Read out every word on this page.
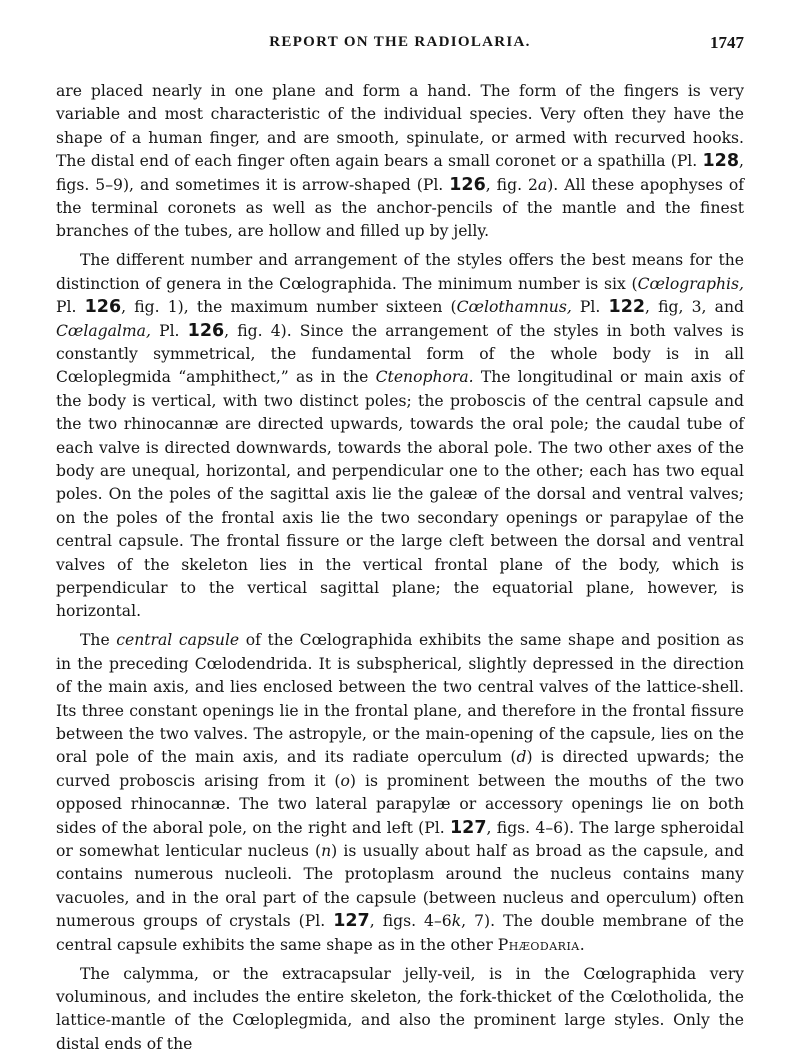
REPORT ON THE RADIOLARIA.	1747

are placed nearly in one plane and form a hand. The form of the fingers is very variable and most characteristic of the individual species. Very often they have the shape of a human finger, and are smooth, spinulate, or armed with recurved hooks. The distal end of each finger often again bears a small coronet or a spathilla (Pl. 128, figs. 5–9), and sometimes it is arrow-shaped (Pl. 126, fig. 2a). All these apophyses of the terminal coronets as well as the anchor-pencils of the mantle and the finest branches of the tubes, are hollow and filled up by jelly.

The different number and arrangement of the styles offers the best means for the distinction of genera in the Cœlographida. The minimum number is six (Cœlographis, Pl. 126, fig. 1), the maximum number sixteen (Cœlothamnus, Pl. 122, fig, 3, and Cœlagalma, Pl. 126, fig. 4). Since the arrangement of the styles in both valves is constantly symmetrical, the fundamental form of the whole body is in all Cœloplegmida “amphithect,” as in the Ctenophora. The longitudinal or main axis of the body is vertical, with two distinct poles; the proboscis of the central capsule and the two rhinocannæ are directed upwards, towards the oral pole; the caudal tube of each valve is directed downwards, towards the aboral pole. The two other axes of the body are unequal, horizontal, and perpendicular one to the other; each has two equal poles. On the poles of the sagittal axis lie the galeæ of the dorsal and ventral valves; on the poles of the frontal axis lie the two secondary openings or parapylae of the central capsule. The frontal fissure or the large cleft between the dorsal and ventral valves of the skeleton lies in the vertical frontal plane of the body, which is perpendicular to the vertical sagittal plane; the equatorial plane, however, is horizontal.

The central capsule of the Cœlographida exhibits the same shape and position as in the preceding Cœlodendrida. It is subspherical, slightly depressed in the direction of the main axis, and lies enclosed between the two central valves of the lattice-shell. Its three constant openings lie in the frontal plane, and therefore in the frontal fissure between the two valves. The astropyle, or the main-opening of the capsule, lies on the oral pole of the main axis, and its radiate operculum (d) is directed upwards; the curved proboscis arising from it (o) is prominent between the mouths of the two opposed rhinocannæ. The two lateral parapylæ or accessory openings lie on both sides of the aboral pole, on the right and left (Pl. 127, figs. 4–6). The large spheroidal or somewhat lenticular nucleus (n) is usually about half as broad as the capsule, and contains numerous nucleoli. The protoplasm around the nucleus contains many vacuoles, and in the oral part of the capsule (between nucleus and operculum) often numerous groups of crystals (Pl. 127, figs. 4–6k, 7). The double membrane of the central capsule exhibits the same shape as in the other Phæodaria.

The calymma, or the extracapsular jelly-veil, is in the Cœlographida very voluminous, and includes the entire skeleton, the fork-thicket of the Cœlotholida, the lattice-mantle of the Cœloplegmida, and also the prominent large styles. Only the distal ends of the
